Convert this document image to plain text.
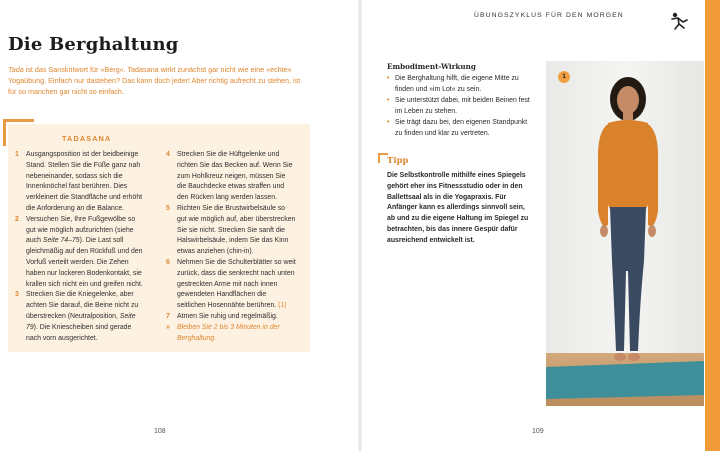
Die Berghaltung
Tada ist das Sanskritwort für »Berg«. Tadasana wirkt zunächst gar nicht wie eine »echte« Yogaübung. Einfach nur dastehen? Das kann doch jeder! Aber richtig aufrecht zu stehen, ist für so manchen gar nicht so einfach.
TADASANA

1 Ausgangsposition ist der beidbeinige Stand. Stellen Sie die Füße ganz nah nebeneinander, sodass sich die Innenknöchel fast berühren. Dies verkleinert die Standfläche und erhöht die Anforderung an die Balance.

2 Versuchen Sie, Ihre Fußgewölbe so gut wie möglich aufzurichten (siehe auch Seite 74–75). Die Last soll gleichmäßig auf den Rückfuß und den Vorfuß verteilt werden. Die Zehen haben nur lockeren Bodenkontakt, sie krallen sich nicht ein und greifen nicht.

3 Strecken Sie die Kniegelenke, aber achten Sie darauf, die Beine nicht zu überstrecken (Neutralposition, Seite 79). Die Kniescheiben sind gerade nach vorn ausgerichtet.

4 Strecken Sie die Hüftgelenke und richten Sie das Becken auf. Wenn Sie zum Hohlkreuz neigen, müssen Sie die Bauchdecke etwas straffen und den Rücken lang werden lassen.

5 Richten Sie die Brustwirbelsäule so gut wie möglich auf, aber überstrecken Sie sie nicht. Strecken Sie sanft die Halswirbelsäule, indem Sie das Kinn etwas anziehen (chin-in).

6 Nehmen Sie die Schulterblätter so weit zurück, dass die senkrecht nach unten gestreckten Arme mit nach innen gewendeten Handflächen die seitlichen Hosennähte berühren. (1)

7 Atmen Sie ruhig und regelmäßig.

» Bleiben Sie 2 bis 3 Minuten in der Berghaltung.

108
ÜBUNGSZYKLUS FÜR DEN MORGEN
Embodiment-Wirkung
• Die Berghaltung hilft, die eigene Mitte zu finden und »im Lot« zu sein.
• Sie unterstützt dabei, mit beiden Beinen fest im Leben zu stehen.
• Sie trägt dazu bei, den eigenen Standpunkt zu finden und klar zu vertreten.
Tipp
Die Selbstkontrolle mithilfe eines Spiegels gehört eher ins Fitnessstudio oder in den Ballettsaal als in die Yogapraxis. Für Anfänger kann es allerdings sinnvoll sein, ab und zu die eigene Haltung im Spiegel zu betrachten, bis das innere Gespür dafür ausreichend entwickelt ist.
1
109
